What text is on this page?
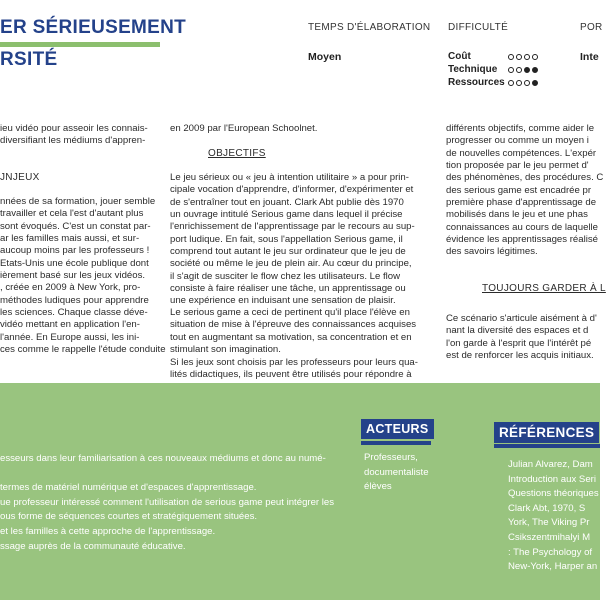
ER SÉRIEUSEMENT
RSITÉ
TEMPS D'ÉLABORATION DIFFICULTÉ	POR
Moyen	Inte
Coût
Technique
Ressources
ieu vidéo pour asseoir les connais-
diversifiant les médiums d'appren-
JNJEUX
nnées de sa formation, jouer semble
travailler et cela l'est d'autant plus
sont évoqués. C'est un constat par-
ar les familles mais aussi, et sur-
aucoup moins par les professeurs !
Etats-Unis une école publique dont
ièrement basé sur les jeux vidéos.
, créée en 2009 à New York, pro-
méthodes ludiques pour apprendre
les sciences. Chaque classe déve-
vidéo mettant en application l'en-
l'année. En Europe aussi, les ini-
ces comme le rappelle l'étude conduite
en 2009 par l'European Schoolnet.
OBJECTIFS
Le jeu sérieux ou « jeu à intention utilitaire » a pour prin-
cipale vocation d'apprendre, d'informer, d'expérimenter et
de s'entraîner tout en jouant. Clark Abt publie dès 1970
un ouvrage intitulé Serious game dans lequel il précise
l'enrichissement de l'apprentissage par le recours au sup-
port ludique. En fait, sous l'appellation Serious game, il
comprend tout autant le jeu sur ordinateur que le jeu de
société ou même le jeu de plein air. Au cœur du principe,
il s'agit de susciter le flow chez les utilisateurs. Le flow
consiste à faire réaliser une tâche, un apprentissage ou
une expérience en induisant une sensation de plaisir.
Le serious game a ceci de pertinent qu'il place l'élève en
situation de mise à l'épreuve des connaissances acquises
tout en augmentant sa motivation, sa concentration et en
stimulant son imagination.
Si les jeux sont choisis par les professeurs pour leurs qua-
lités didactiques, ils peuvent être utilisés pour répondre à
différents objectifs, comme aider le
progresser ou comme un moyen i
de nouvelles compétences. L'expér
tion proposée par le jeu permet d'
des phénomènes, des procédures. C
des serious game est encadrée pr
première phase d'apprentissage de
mobilisés dans le jeu et une phas
connaissances au cours de laquelle
évidence les apprentissages réalisé
des savoirs légitimes.
TOUJOURS GARDER À L
Ce scénario s'articule aisément à d'
nant la diversité des espaces et d
l'on garde à l'esprit que l'intérêt pé
est de renforcer les acquis initiaux.
esseurs dans leur familiarisation à ces nouveaux médiums et donc au numé-
termes de matériel numérique et d'espaces d'apprentissage.
ue professeur intéressé comment l'utilisation de serious game peut intégrer les
ous forme de séquences courtes et stratégiquement situées.
et les familles à cette approche de l'apprentissage.
ssage auprès de la communauté éducative.
ACTEURS
Professeurs,
documentaliste
élèves
RÉFÉRENCES
Julian Alvarez, Dam
Introduction aux Seri
Questions théoriques
Clark Abt, 1970, S
York, The Viking Pr
Csikszentmihalyi M
: The Psychology of
New-York, Harper an
